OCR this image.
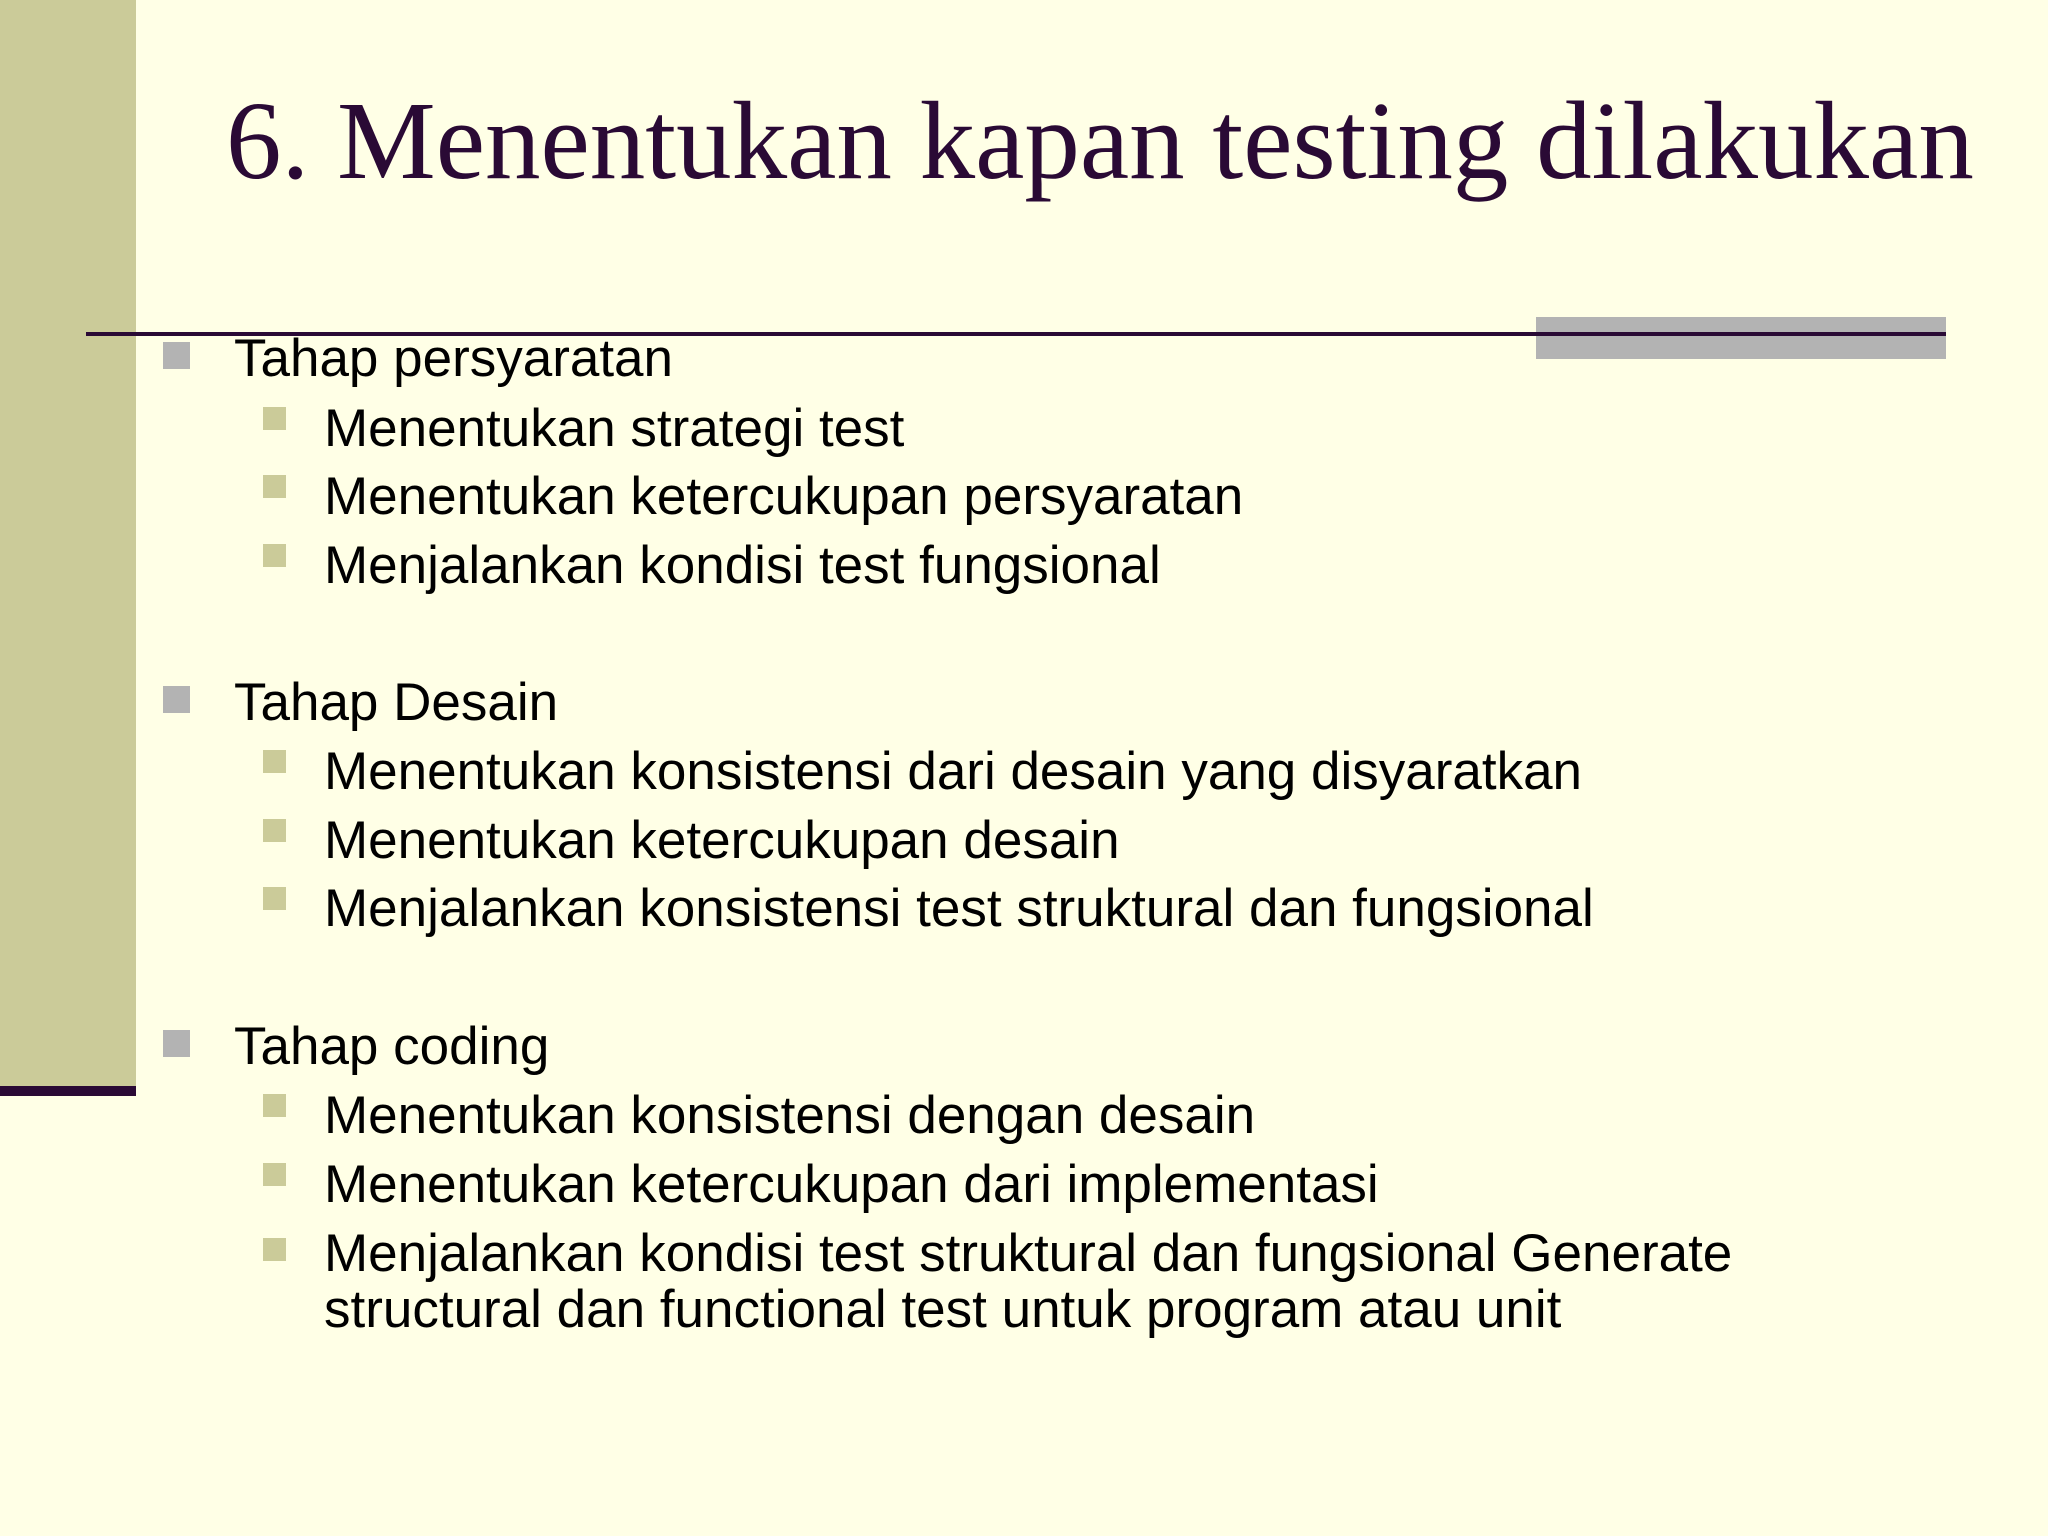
6. Menentukan kapan testing dilakukan
Tahap persyaratan
Menentukan strategi test
Menentukan ketercukupan persyaratan
Menjalankan kondisi test fungsional
Tahap Desain
Menentukan konsistensi dari desain yang disyaratkan
Menentukan ketercukupan desain
Menjalankan konsistensi test struktural dan fungsional
Tahap coding
Menentukan konsistensi dengan desain
Menentukan ketercukupan dari implementasi
Menjalankan kondisi test struktural dan fungsional Generate structural dan functional test untuk program atau unit
